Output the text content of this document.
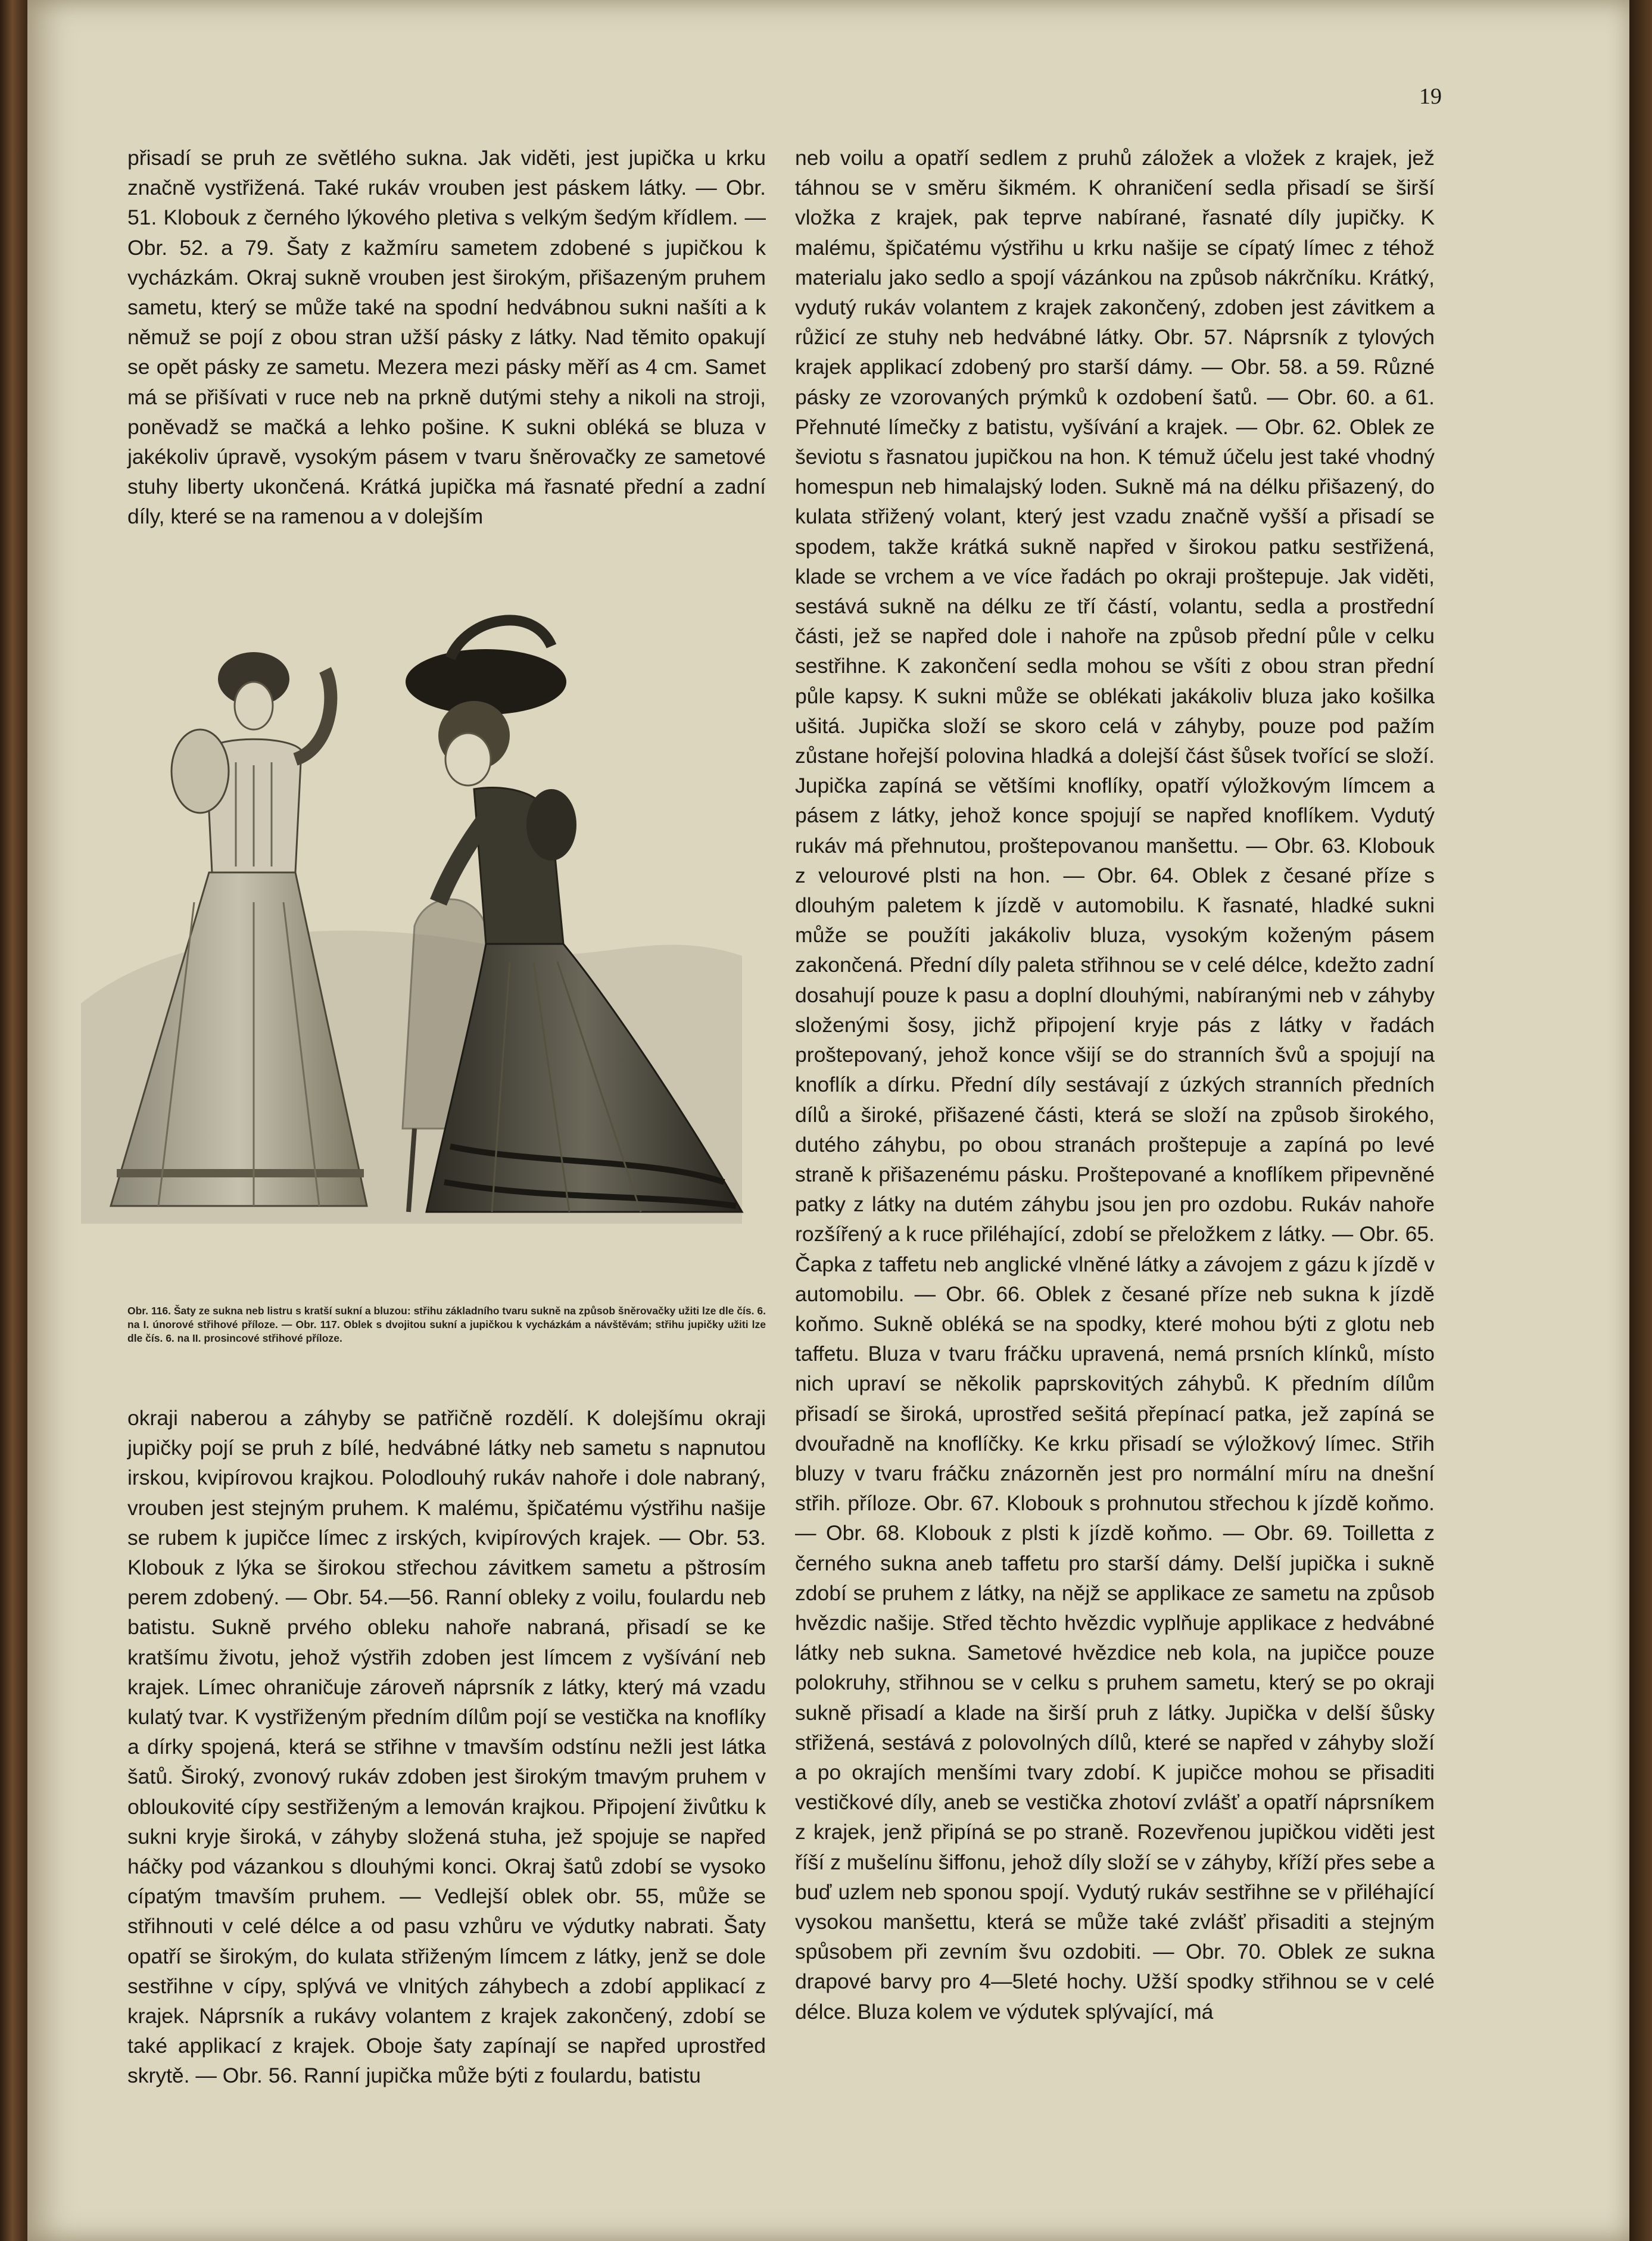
19

přisadí se pruh ze světlého sukna. Jak viděti, jest jupička u krku značně vystřižená. Také rukáv vrouben jest páskem látky. — Obr. 51. Klobouk z černého lýkového pletiva s velkým šedým křídlem. — Obr. 52. a 79. Šaty z kažmíru sametem zdobené s jupičkou k vycházkám. Okraj sukně vrouben jest širokým, přišazeným pruhem sametu, který se může také na spodní hedvábnou sukni našíti a k němuž se pojí z obou stran užší pásky z látky. Nad těmito opakují se opět pásky ze sametu. Mezera mezi pásky měří as 4 cm. Samet má se přišívati v ruce neb na prkně dutými stehy a nikoli na stroji, poněvadž se mačká a lehko pošine. K sukni obléká se bluza v jakékoliv úpravě, vysokým pásem v tvaru šněrovačky ze sametové stuhy liberty ukončená. Krátká jupička má řasnaté přední a zadní díly, které se na ramenou a v dolejším

Obr. 116. Šaty ze sukna neb listru s kratší sukní a bluzou: střihu základního tvaru sukně na způsob šněrovačky užiti lze dle čís. 6. na I. únorové střihové příloze. — Obr. 117. Oblek s dvojitou sukní a jupičkou k vycházkám a návštěvám; střihu jupičky užiti lze dle čís. 6. na II. prosincové střihové příloze.

okraji naberou a záhyby se patřičně rozdělí. K dolejšímu okraji jupičky pojí se pruh z bílé, hedvábné látky neb sametu s napnutou irskou, kvipírovou krajkou. Polodlouhý rukáv nahoře i dole nabraný, vrouben jest stejným pruhem. K malému, špičatému výstřihu našije se rubem k jupičce límec z irských, kvipírových krajek. — Obr. 53. Klobouk z lýka se širokou střechou závitkem sametu a pštrosím perem zdobený. — Obr. 54.—56. Ranní obleky z voilu, foulardu neb batistu. Sukně prvého obleku nahoře nabraná, přisadí se ke kratšímu životu, jehož výstřih zdoben jest límcem z vyšívání neb krajek. Límec ohraničuje zároveň náprsník z látky, který má vzadu kulatý tvar. K vystřiženým předním dílům pojí se vestička na knoflíky a dírky spojená, která se střihne v tmavším odstínu nežli jest látka šatů. Široký, zvonový rukáv zdoben jest širokým tmavým pruhem v obloukovité cípy sestřiženým a lemován krajkou. Připojení živůtku k sukni kryje široká, v záhyby složená stuha, jež spojuje se napřed háčky pod vázankou s dlouhými konci. Okraj šatů zdobí se vysoko cípatým tmavším pruhem. — Vedlejší oblek obr. 55, může se střihnouti v celé délce a od pasu vzhůru ve výdutky nabrati. Šaty opatří se širokým, do kulata střiženým límcem z látky, jenž se dole sestřihne v cípy, splývá ve vlnitých záhybech a zdobí applikací z krajek. Náprsník a rukávy volantem z krajek zakončený, zdobí se také applikací z krajek. Oboje šaty zapínají se napřed uprostřed skrytě. — Obr. 56. Ranní jupička může býti z foulardu, batistu

neb voilu a opatří sedlem z pruhů záložek a vložek z krajek, jež táhnou se v směru šikmém. K ohraničení sedla přisadí se širší vložka z krajek, pak teprve nabírané, řasnaté díly jupičky. K malému, špičatému výstřihu u krku našije se cípatý límec z téhož materialu jako sedlo a spojí vázánkou na způsob nákrčníku. Krátký, vydutý rukáv volantem z krajek zakončený, zdoben jest závitkem a růžicí ze stuhy neb hedvábné látky. Obr. 57. Náprsník z tylových krajek applikací zdobený pro starší dámy. — Obr. 58. a 59. Různé pásky ze vzorovaných prýmků k ozdobení šatů. — Obr. 60. a 61. Přehnuté límečky z batistu, vyšívání a krajek. — Obr. 62. Oblek ze ševiotu s řasnatou jupičkou na hon. K témuž účelu jest také vhodný homespun neb himalajský loden. Sukně má na délku přišazený, do kulata střižený volant, který jest vzadu značně vyšší a přisadí se spodem, takže krátká sukně napřed v širokou patku sestřižená, klade se vrchem a ve více řadách po okraji proštepuje. Jak viděti, sestává sukně na délku ze tří částí, volantu, sedla a prostřední části, jež se napřed dole i nahoře na způsob přední půle v celku sestřihne. K zakončení sedla mohou se všíti z obou stran přední půle kapsy. K sukni může se oblékati jakákoliv bluza jako košilka ušitá. Jupička složí se skoro celá v záhyby, pouze pod pažím zůstane hořejší polovina hladká a dolejší část šůsek tvořící se složí. Jupička zapíná se většími knoflíky, opatří výložkovým límcem a pásem z látky, jehož konce spojují se napřed knoflíkem. Vydutý rukáv má přehnutou, proštepovanou manšettu. — Obr. 63. Klobouk z velourové plsti na hon. — Obr. 64. Oblek z česané příze s dlouhým paletem k jízdě v automobilu. K řasnaté, hladké sukni může se použíti jakákoliv bluza, vysokým koženým pásem zakončená. Přední díly paleta střihnou se v celé délce, kdežto zadní dosahují pouze k pasu a doplní dlouhými, nabíranými neb v záhyby složenými šosy, jichž připojení kryje pás z látky v řadách proštepovaný, jehož konce všijí se do stranních švů a spojují na knoflík a dírku. Přední díly sestávají z úzkých stranních předních dílů a široké, přišazené části, která se složí na způsob širokého, dutého záhybu, po obou stranách proštepuje a zapíná po levé straně k přišazenému pásku. Proštepované a knoflíkem připevněné patky z látky na dutém záhybu jsou jen pro ozdobu. Rukáv nahoře rozšířený a k ruce přiléhající, zdobí se přeložkem z látky. — Obr. 65. Čapka z taffetu neb anglické vlněné látky a závojem z gázu k jízdě v automobilu. — Obr. 66. Oblek z česané příze neb sukna k jízdě koňmo. Sukně obléká se na spodky, které mohou býti z glotu neb taffetu. Bluza v tvaru fráčku upravená, nemá prsních klínků, místo nich upraví se několik paprskovitých záhybů. K předním dílům přisadí se široká, uprostřed sešitá přepínací patka, jež zapíná se dvouřadně na knoflíčky. Ke krku přisadí se výložkový límec. Střih bluzy v tvaru fráčku znázorněn jest pro normální míru na dnešní střih. příloze. Obr. 67. Klobouk s prohnutou střechou k jízdě koňmo. — Obr. 68. Klobouk z plsti k jízdě koňmo. — Obr. 69. Toilletta z černého sukna aneb taffetu pro starší dámy. Delší jupička i sukně zdobí se pruhem z látky, na nějž se applikace ze sametu na způsob hvězdic našije. Střed těchto hvězdic vyplňuje applikace z hedvábné látky neb sukna. Sametové hvězdice neb kola, na jupičce pouze polokruhy, střihnou se v celku s pruhem sametu, který se po okraji sukně přisadí a klade na širší pruh z látky. Jupička v delší šůsky střižená, sestává z polovolných dílů, které se napřed v záhyby složí a po okrajích menšími tvary zdobí. K jupičce mohou se přisaditi vestičkové díly, aneb se vestička zhotoví zvlášť a opatří náprsníkem z krajek, jenž připíná se po straně. Rozevřenou jupičkou viděti jest říší z mušelínu šiffonu, jehož díly složí se v záhyby, kříží přes sebe a buď uzlem neb sponou spojí. Vydutý rukáv sestřihne se v přiléhající vysokou manšettu, která se může také zvlášť přisaditi a stejným spůsobem při zevním švu ozdobiti. — Obr. 70. Oblek ze sukna drapové barvy pro 4—5leté hochy. Užší spodky střihnou se v celé délce. Bluza kolem ve výdutek splývající, má
